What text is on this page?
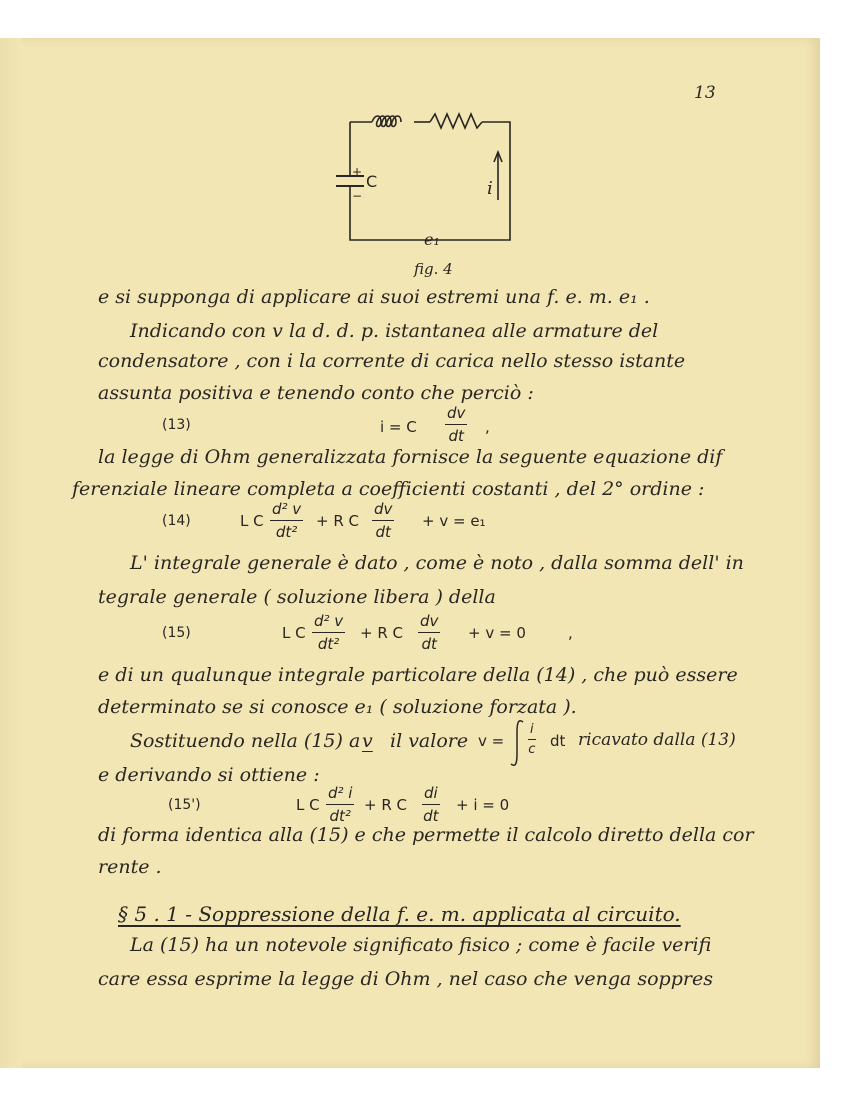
13
+
−
C	i
e₁
fig. 4
e si supponga di applicare ai suoi estremi una f. e. m. e₁ .
Indicando con v la d. d. p. istantanea alle armature del
condensatore , con i la corrente di carica nello stesso istante
assunta positiva e tenendo conto che perciò :
(13)	i = C $\frac{dv}{dt}$ ,
la legge di Ohm generalizzata fornisce la seguente equazione dif
ferenziale lineare completa a coefficienti costanti , del 2° ordine :
(14)	L C $\frac{\text{d² v}}{\text{dt²}} + R$ C $\frac{dv}{dt} + v = e_1$
L' integrale generale è dato , come è noto , dalla somma dell' in
tegrale generale ( soluzione libera ) della
(15)	L C $\frac{\text{d² v}}{\text{dt²}} + R$ C $\frac{dv}{dt} + v = 0$	,
e di un qualunque integrale particolare della (14) , che può essere
determinato se si conosce e₁ ( soluzione forzata ).
Sostituendo nella (15) a v il valore $v = \frac{i}{c}$ dt ricavato dalla (13)
e derivando si ottiene :
(15')	L C $\frac{\text{d² i}}{\text{dt²}} + R$ C $\frac{di}{dt} + i = 0$
di forma identica alla (15) e che permette il calcolo diretto della cor
rente .
§ 5 . 1 - Soppressione della f. e. m. applicata al circuito.
La (15) ha un notevole significato fisico ; come è facile verifi
care essa esprime la legge di Ohm , nel caso che venga soppres
